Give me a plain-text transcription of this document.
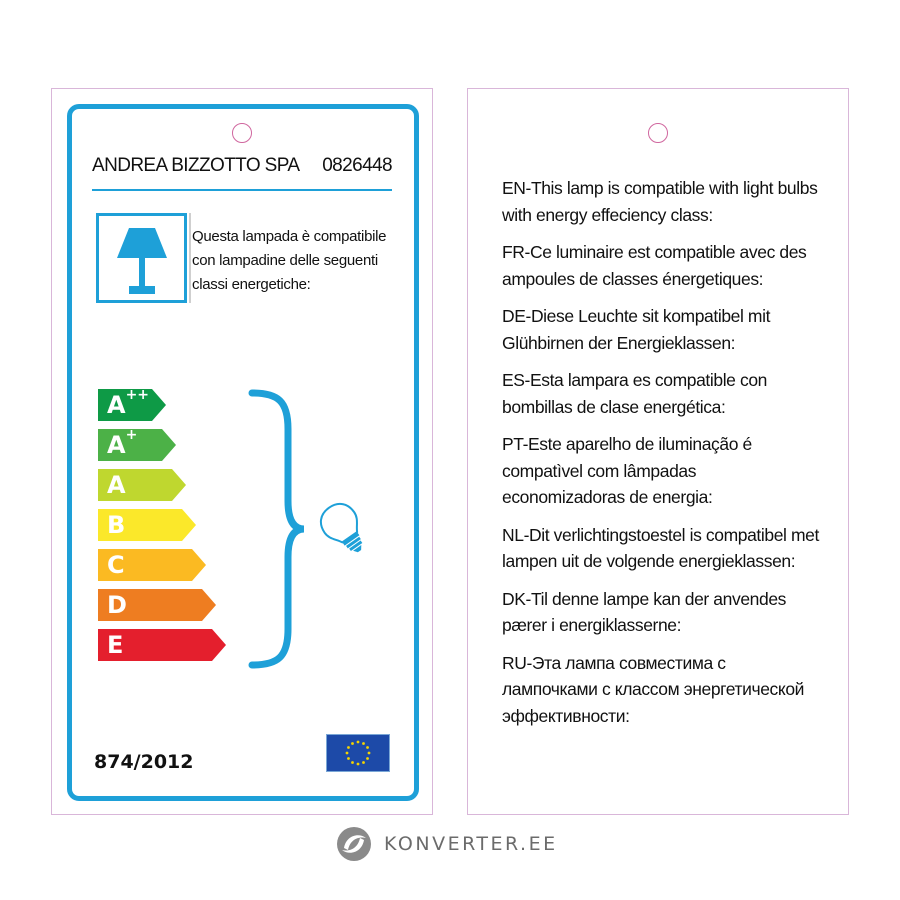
ANDREA BIZZOTTO SPA 0826448
Questa lampada è compatibile con lampadine delle seguenti classi energetiche:
A++
A+
A
B
C
D
E
874/2012

EN-This lamp is compatible with light bulbs with energy effeciency class:

FR-Ce luminaire est compatible avec des ampoules de classes énergetiques:

DE-Diese Leuchte sit kompatibel mit Glühbirnen der Energieklassen:

ES-Esta lampara es compatible con bombillas de clase energética:

PT-Este aparelho de iluminação é compatìvel com lâmpadas economizadoras de energia:

NL-Dit verlichtingstoestel is compatibel met lampen uit de volgende energieklassen:

DK-Til denne lampe kan der anvendes pærer i energiklasserne:

RU-Эта лампа совместима с лампочками с классом энергетической эффективности:

KONVERTER.EE
